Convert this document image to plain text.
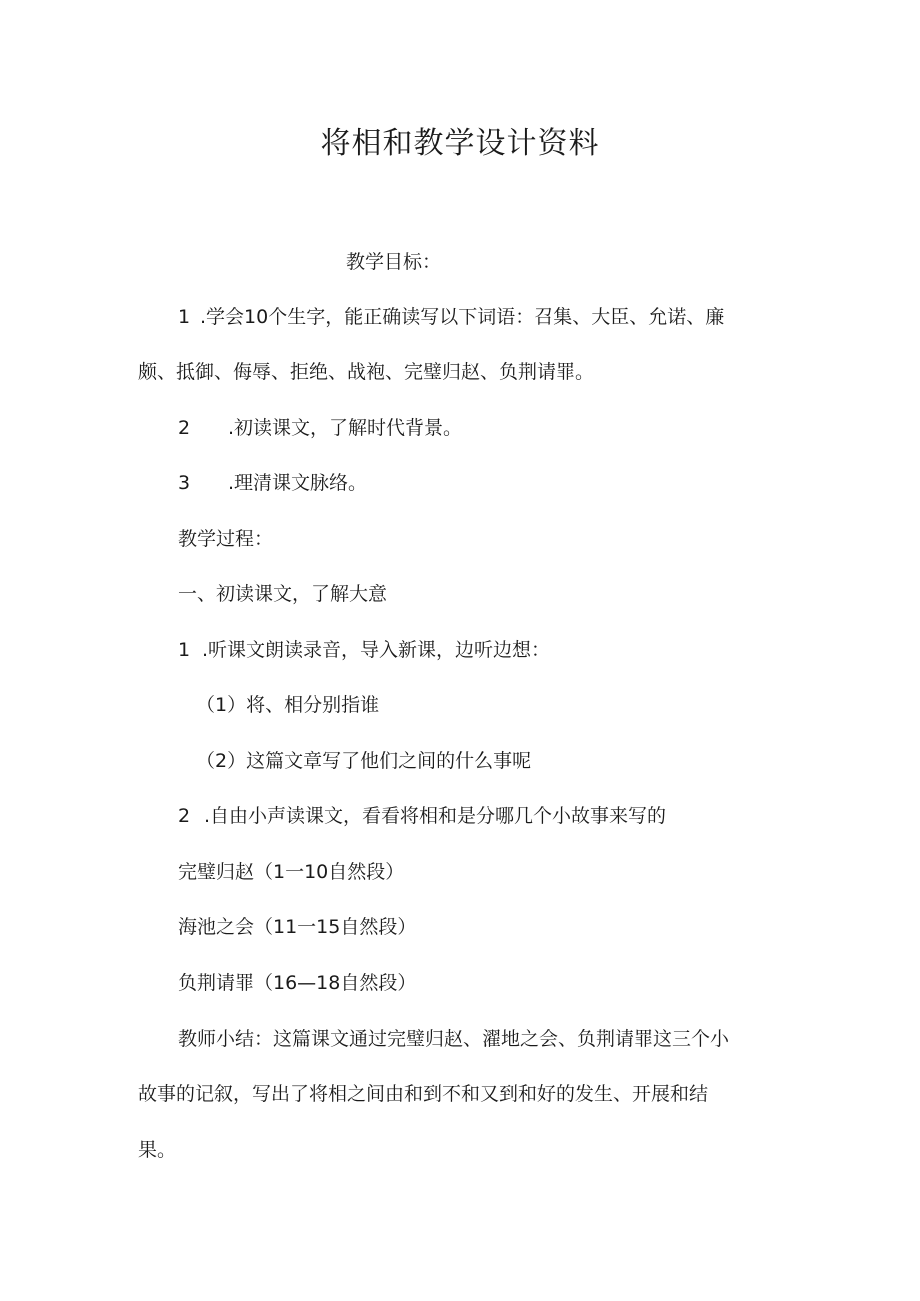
将相和教学设计资料

教学目标：

1 .学会10个生字，能正确读写以下词语：召集、大臣、允诺、廉

颇、抵御、侮辱、拒绝、战袍、完璧归赵、负荆请罪。

2 .初读课文，了解时代背景。

3 .理清课文脉络。

教学过程：

一、初读课文，了解大意

1 .听课文朗读录音，导入新课，边听边想：

（1）将、相分别指谁

（2）这篇文章写了他们之间的什么事呢

2 .自由小声读课文，看看将相和是分哪几个小故事来写的

完璧归赵（1一10自然段）

海池之会（11一15自然段）

负荆请罪（16—18自然段）

教师小结：这篇课文通过完璧归赵、濯地之会、负荆请罪这三个小

故事的记叙，写出了将相之间由和到不和又到和好的发生、开展和结

果。
